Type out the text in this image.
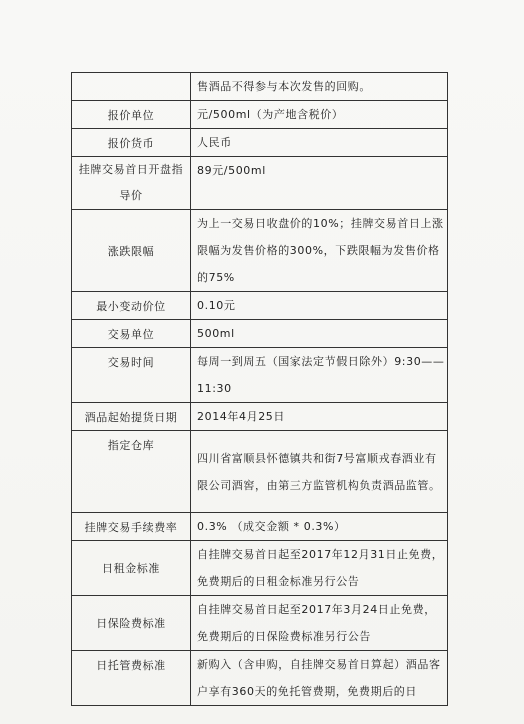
	售酒品不得参与本次发售的回购。
报价单位	元/500ml（为产地含税价）
报价货币	人民币
挂牌交易首日开盘指导价	89元/500ml
涨跌限幅	为上一交易日收盘价的10%；挂牌交易首日上涨限幅为发售价格的300%，下跌限幅为发售价格的75%
最小变动价位	0.10元
交易单位	500ml
交易时间	每周一到周五（国家法定节假日除外）9:30——11:30
酒品起始提货日期	2014年4月25日
指定仓库	四川省富顺县怀德镇共和街7号富顺戎春酒业有限公司酒窖，由第三方监管机构负责酒品监管。
挂牌交易手续费率	0.3% （成交金额 * 0.3%）
日租金标准	自挂牌交易首日起至2017年12月31日止免费，免费期后的日租金标准另行公告
日保险费标准	自挂牌交易首日起至2017年3月24日止免费，免费期后的日保险费标准另行公告
日托管费标准	新购入（含申购，自挂牌交易首日算起）酒品客户享有360天的免托管费期，免费期后的日
